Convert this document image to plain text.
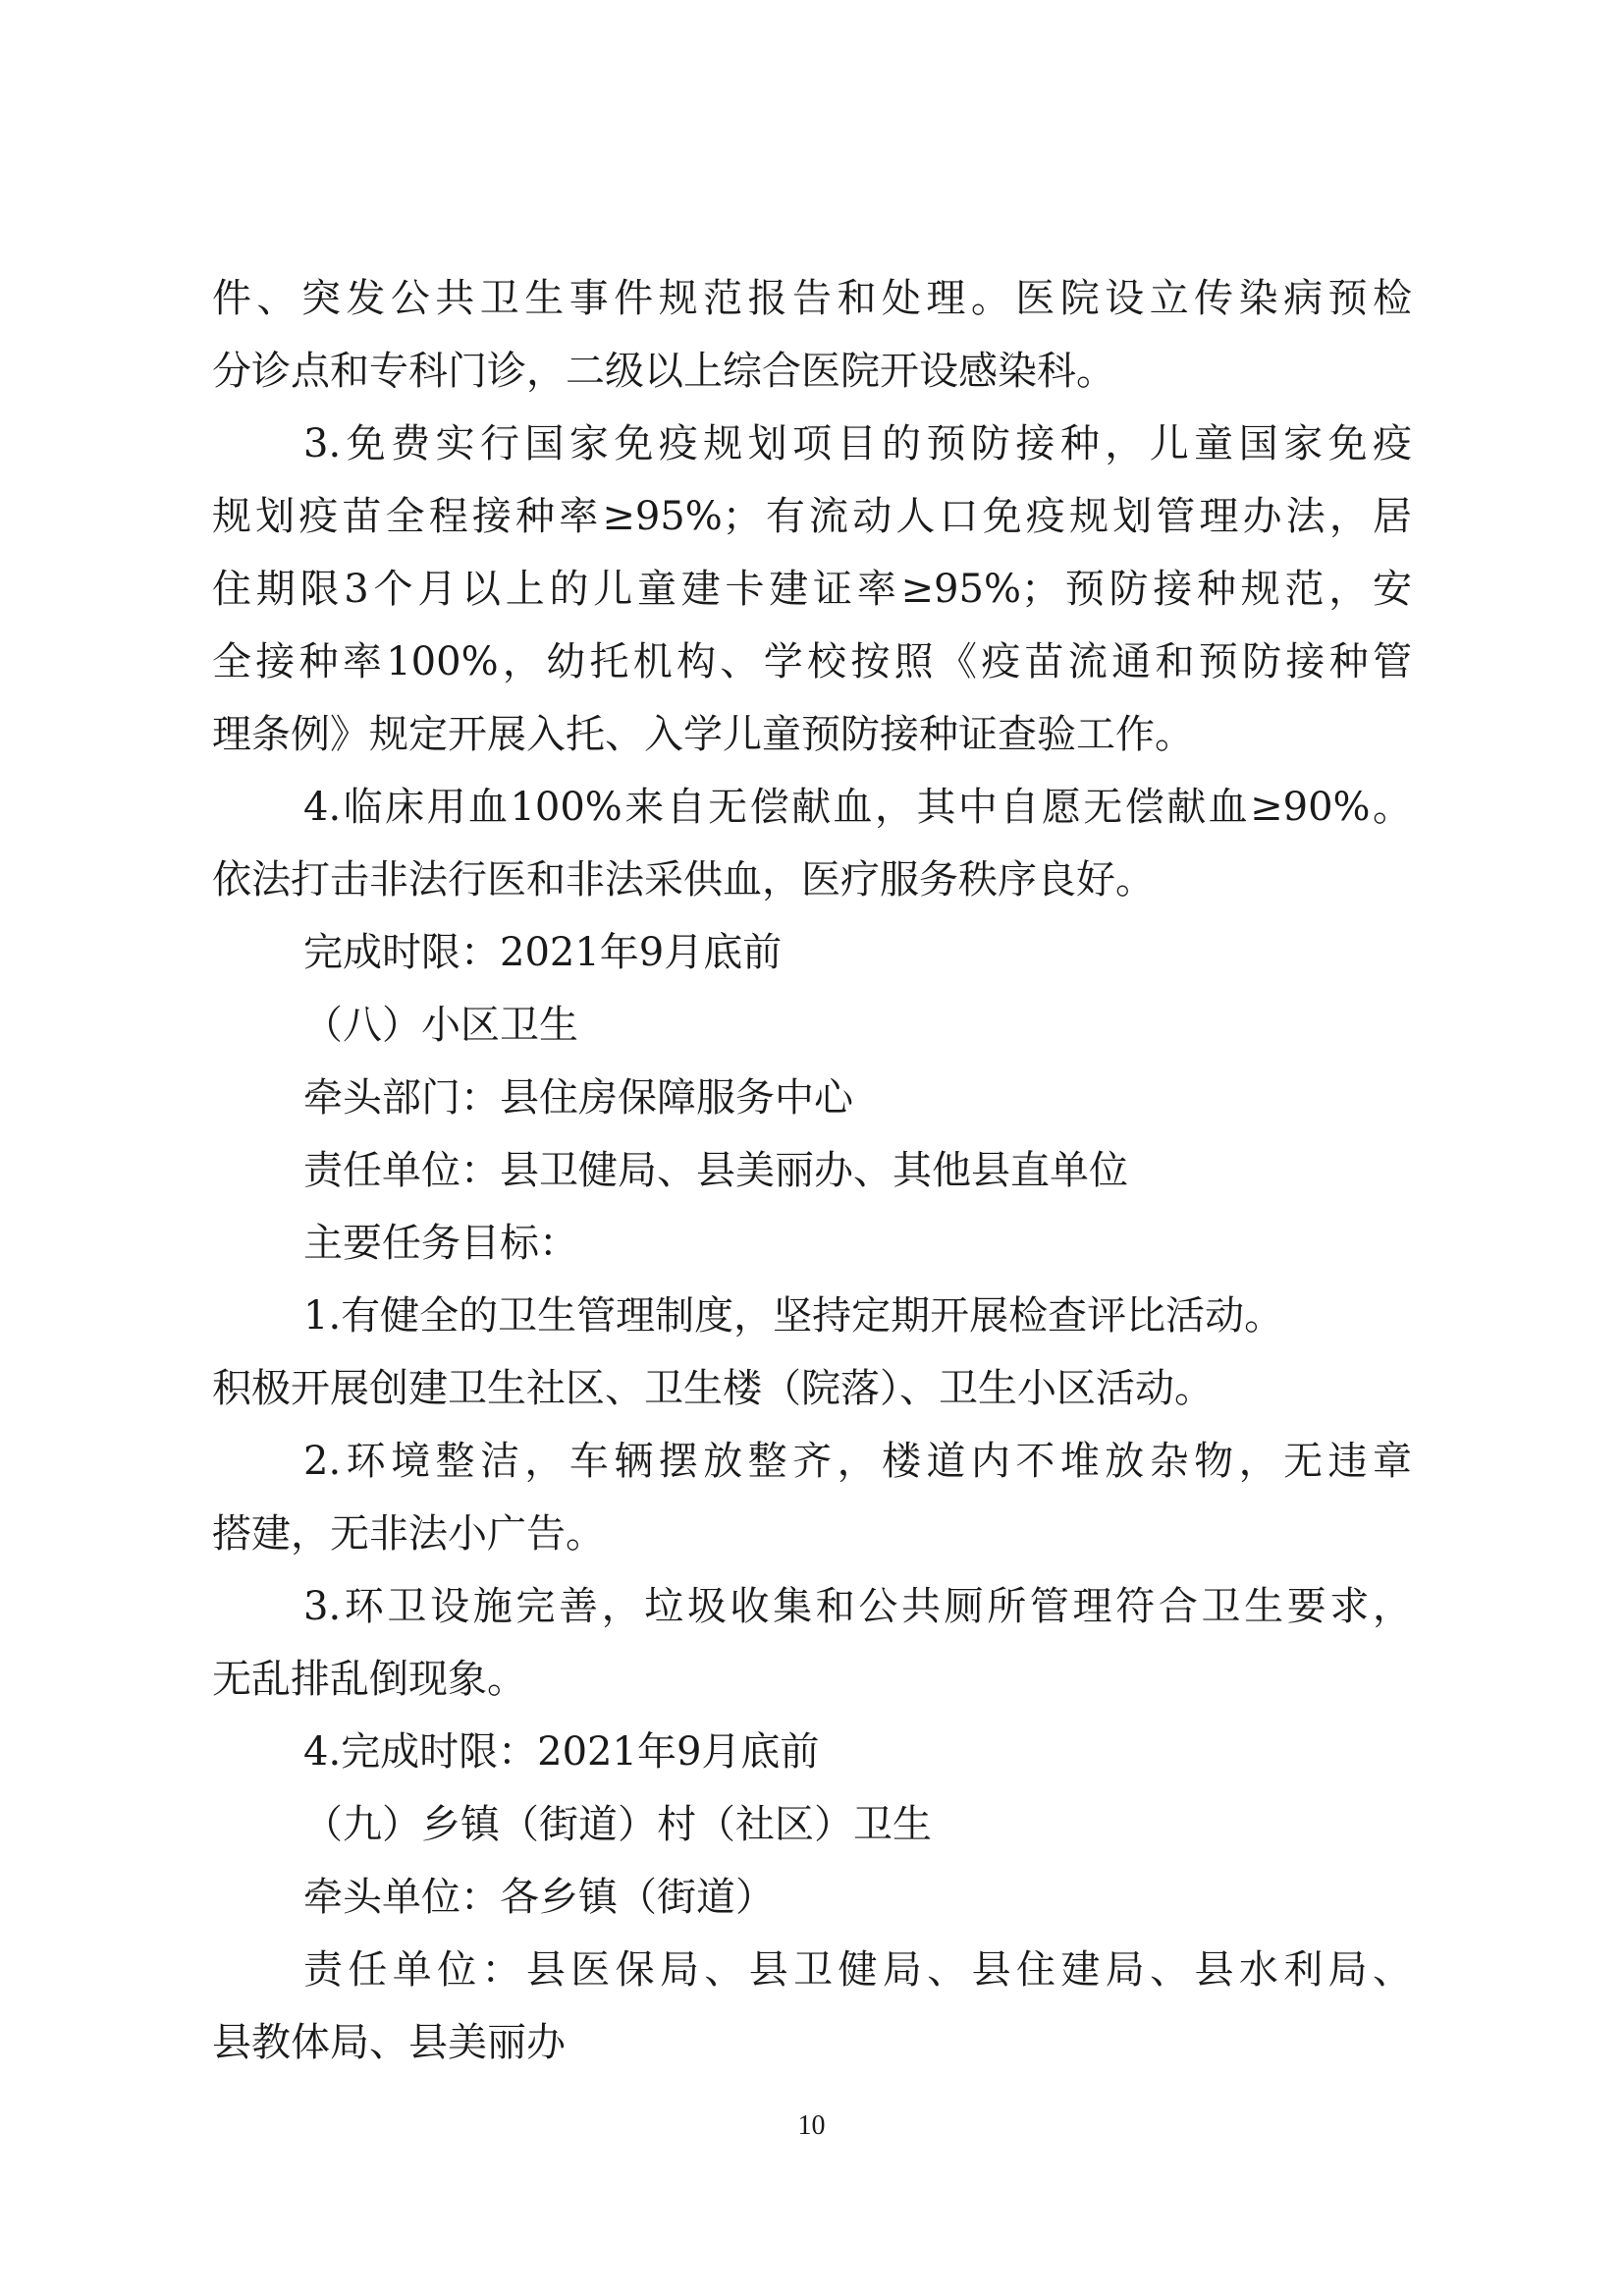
件、突发公共卫生事件规范报告和处理。医院设立传染病预检
分诊点和专科门诊，二级以上综合医院开设感染科。
3.免费实行国家免疫规划项目的预防接种，儿童国家免疫
规划疫苗全程接种率≥95%；有流动人口免疫规划管理办法，居
住期限3个月以上的儿童建卡建证率≥95%；预防接种规范，安
全接种率100%，幼托机构、学校按照《疫苗流通和预防接种管
理条例》规定开展入托、入学儿童预防接种证查验工作。
4.临床用血100%来自无偿献血，其中自愿无偿献血≥90%。
依法打击非法行医和非法采供血，医疗服务秩序良好。
完成时限：2021年9月底前
（八）小区卫生
牵头部门：县住房保障服务中心
责任单位：县卫健局、县美丽办、其他县直单位
主要任务目标：
1.有健全的卫生管理制度，坚持定期开展检查评比活动。
积极开展创建卫生社区、卫生楼（院落）、卫生小区活动。
2.环境整洁，车辆摆放整齐，楼道内不堆放杂物，无违章
搭建，无非法小广告。
3.环卫设施完善，垃圾收集和公共厕所管理符合卫生要求，
无乱排乱倒现象。
4.完成时限：2021年9月底前
（九）乡镇（街道）村（社区）卫生
牵头单位：各乡镇（街道）
责任单位：县医保局、县卫健局、县住建局、县水利局、
县教体局、县美丽办
10
